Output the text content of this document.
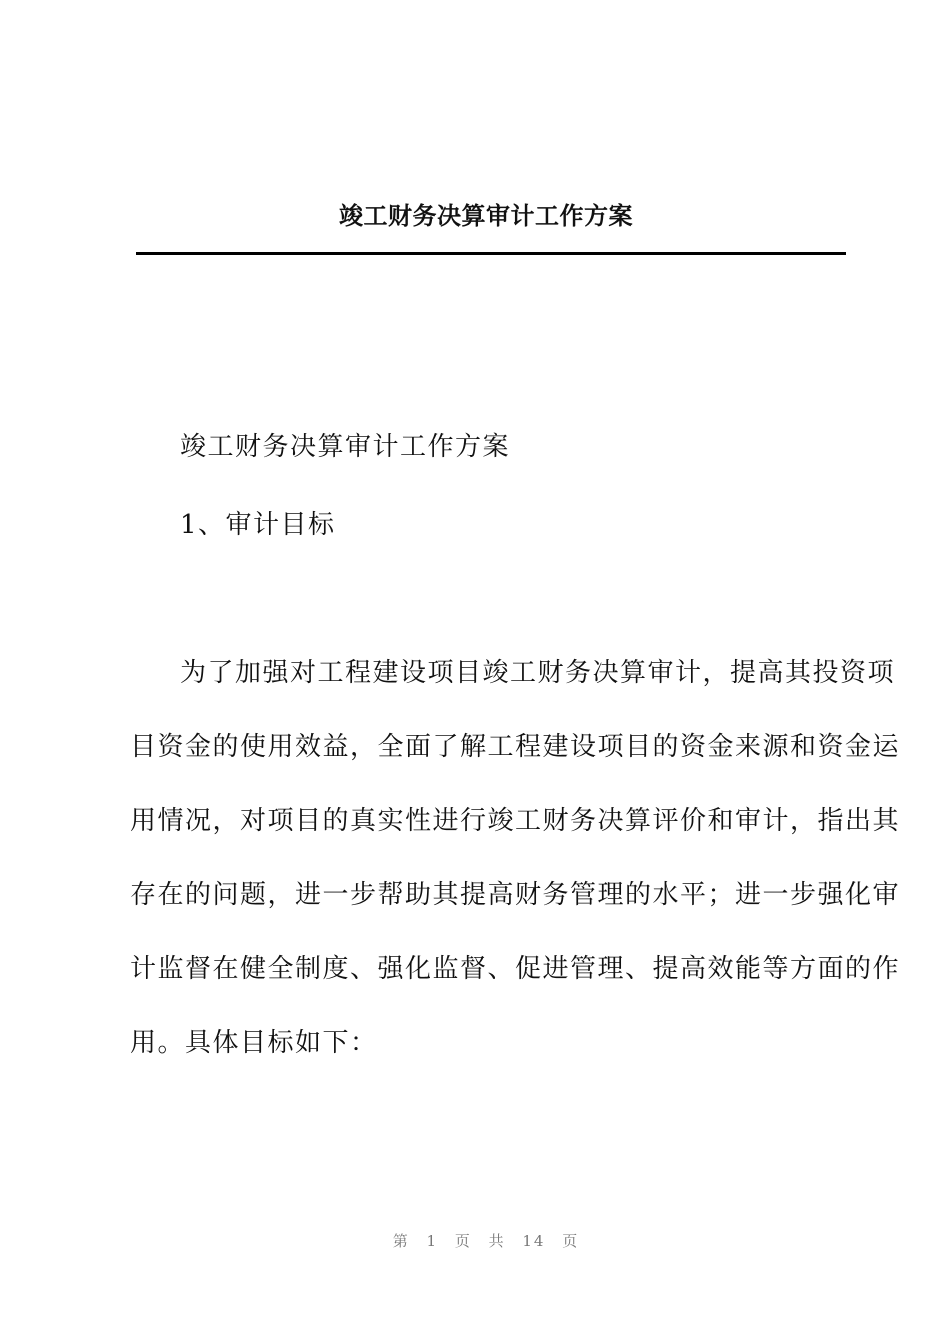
竣工财务决算审计工作方案
竣工财务决算审计工作方案
1、审计目标
为了加强对工程建设项目竣工财务决算审计，提高其投资项
目资金的使用效益，全面了解工程建设项目的资金来源和资金运
用情况，对项目的真实性进行竣工财务决算评价和审计，指出其
存在的问题，进一步帮助其提高财务管理的水平；进一步强化审
计监督在健全制度、强化监督、促进管理、提高效能等方面的作
用。具体目标如下：
第 1 页 共 14 页
